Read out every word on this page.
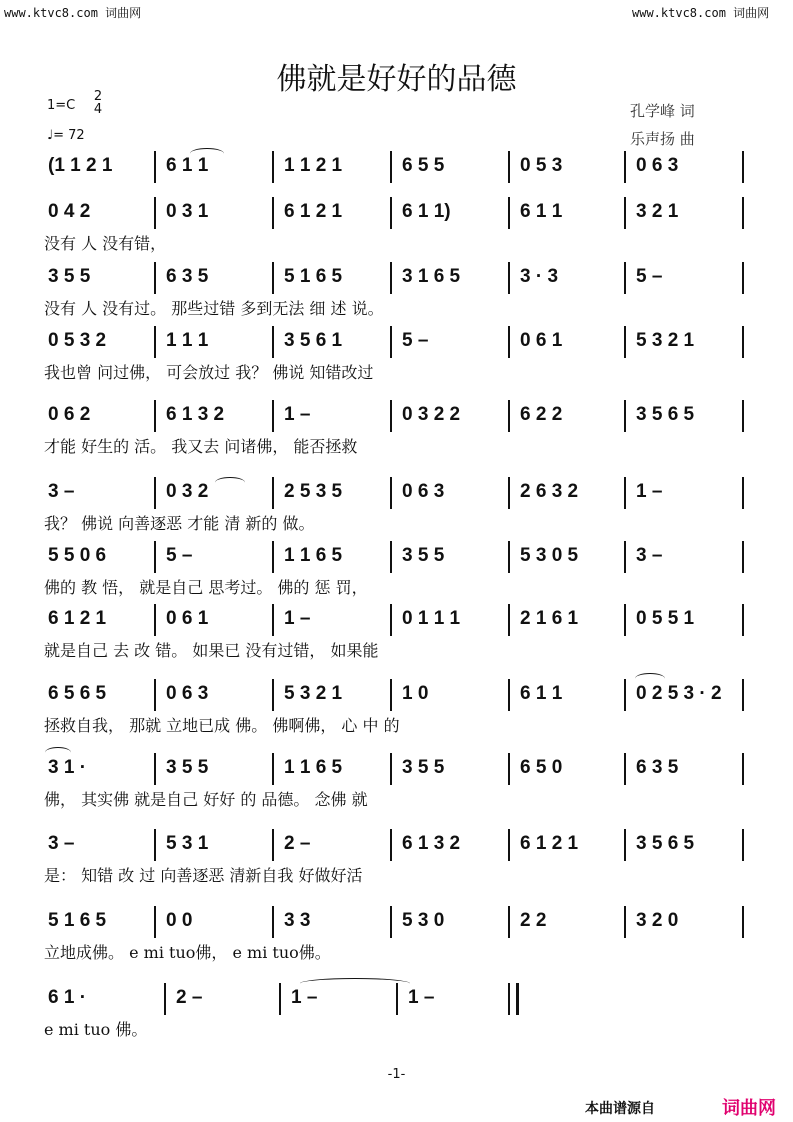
www.ktvc8.com 词曲网	www.ktvc8.com 词曲网
佛就是好好的品德
1=C
2
4
♩= 72
孔学峰 词
乐声扬 曲
(1 1 2 1	6 1 1	1 1 2 1	6 5 5	0 5 3	0 6 3
0 4 2	0 3 1	6 1 2 1	6 1 1)	6 1 1	3 2 1
没有 人 没有错，
3 5 5	6 3 5	5 1 6 5	3 1 6 5	3 · 3	5 –
没有 人 没有过。 那些过错 多到无法 细 述 说。
0 5 3 2	1 1 1	3 5 6 1	5 –	0 6 1	5 3 2 1
我也曾 问过佛， 可会放过 我？ 佛说 知错改过
0 6 2	6 1 3 2	1 –	0 3 2 2	6 2 2	3 5 6 5
才能 好生的 活。 我又去 问诸佛， 能否拯救
3 –	0 3 2	2 5 3 5	0 6 3	2 6 3 2	1 –
我？ 佛说 向善逐恶 才能 清 新的 做。
5 5 0 6	5 –	1 1 6 5	3 5 5	5 3 0 5	3 –
佛的 教 悟， 就是自己 思考过。 佛的 惩 罚，
6 1 2 1	0 6 1	1 –	0 1 1 1	2 1 6 1	0 5 5 1
就是自己 去 改 错。 如果已 没有过错， 如果能
6 5 6 5	0 6 3	5 3 2 1	1 0	6 1 1	0 2 5 3 · 2
拯救自我， 那就 立地已成 佛。 佛啊佛， 心 中 的
3 1 ·	3 5 5	1 1 6 5	3 5 5	6 5 0	6 3 5
佛， 其实佛 就是自己 好好 的 品德。 念佛 就
3 –	5 3 1	2 –	6 1 3 2	6 1 2 1	3 5 6 5
是： 知错 改 过 向善逐恶 清新自我 好做好活
5 1 6 5	0 0	3 3	5 3 0	2 2	3 2 0
立地成佛。 e mi tuo佛， e mi tuo佛。
6 1 ·	2 –	1 –	1 –
e mi tuo 佛。
-1-
本曲谱源自	词曲网
